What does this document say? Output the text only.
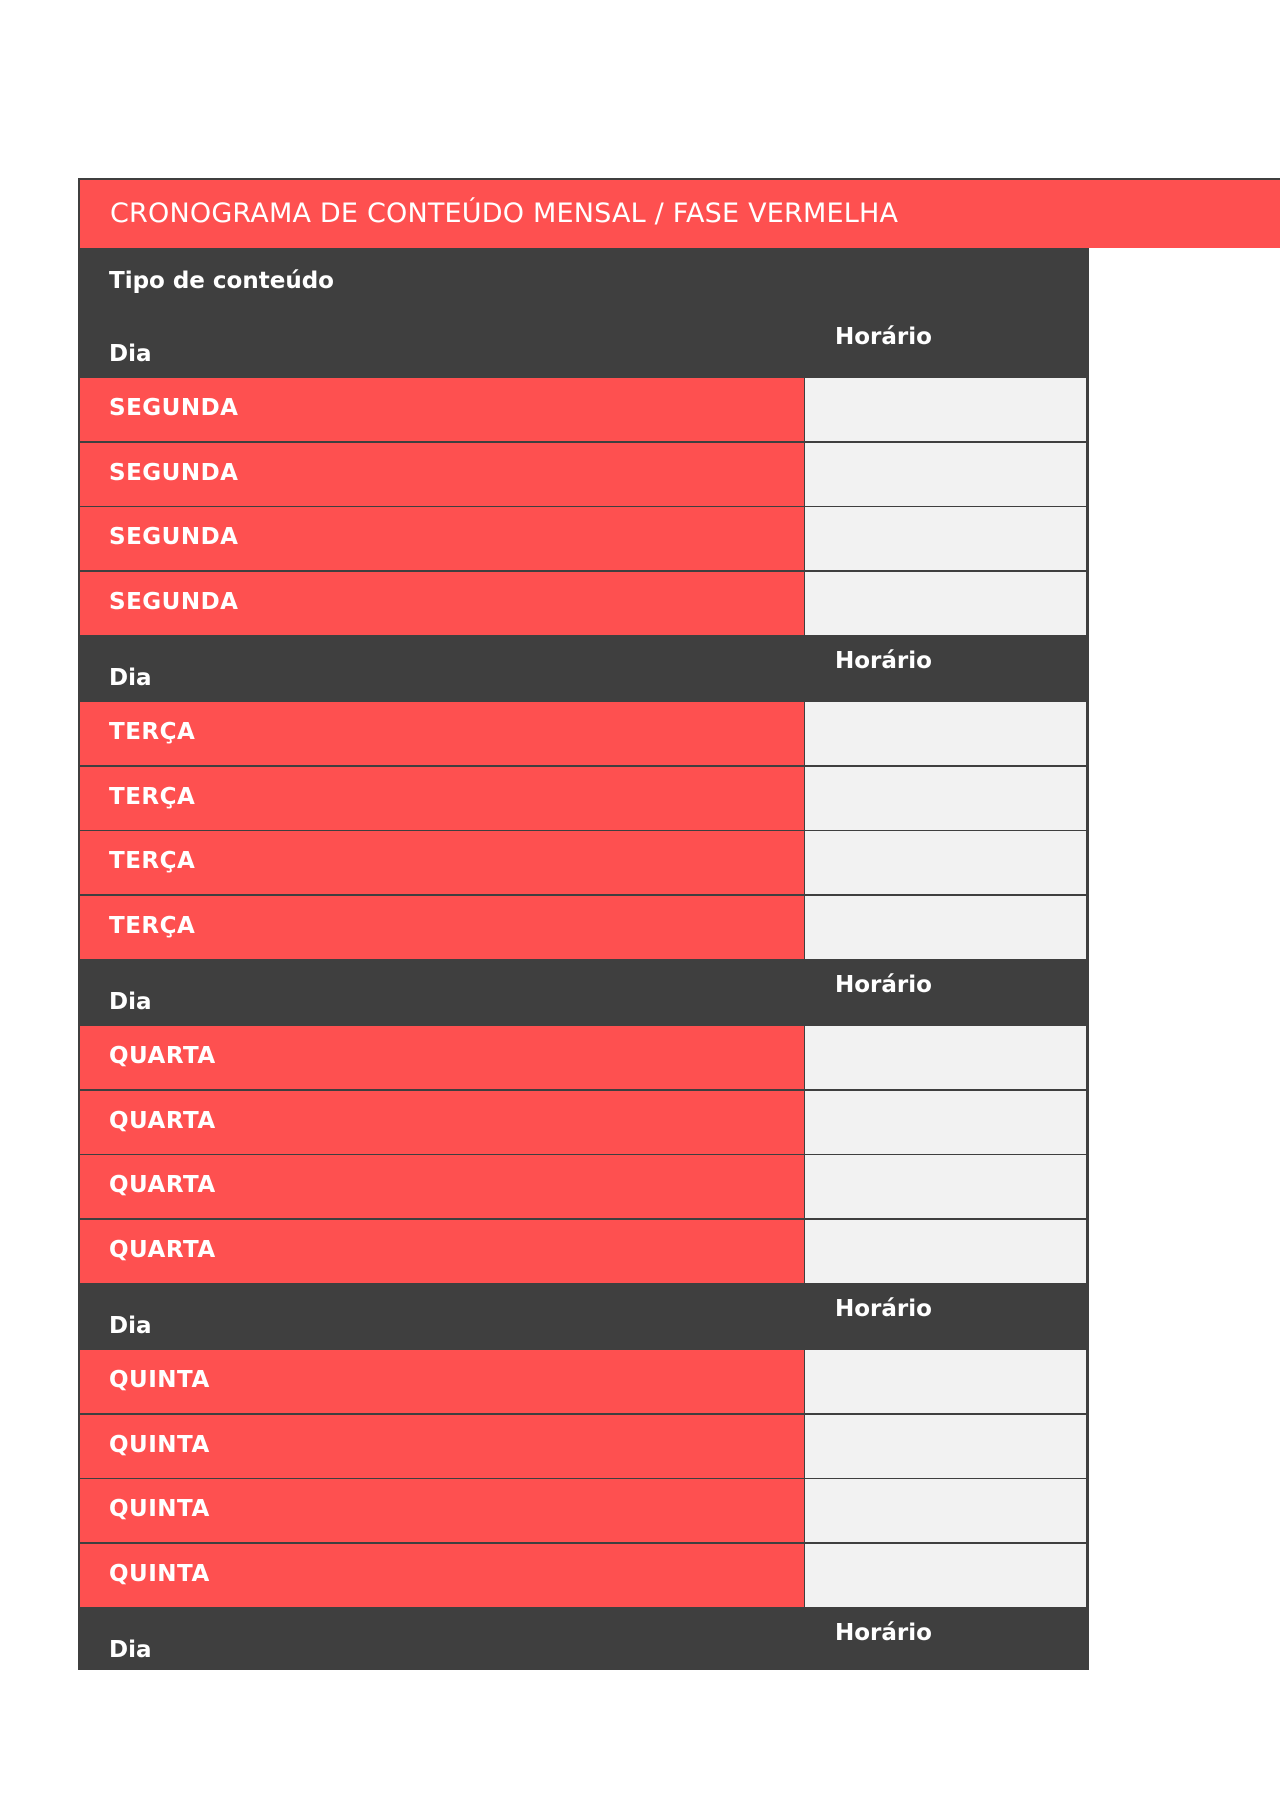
CRONOGRAMA DE CONTEÚDO MENSAL / FASE VERMELHA
Tipo de conteúdo
Dia
Horário
SEGUNDA
SEGUNDA
SEGUNDA
SEGUNDA
Dia
Horário
TERÇA
TERÇA
TERÇA
TERÇA
Dia
Horário
QUARTA
QUARTA
QUARTA
QUARTA
Dia
Horário
QUINTA
QUINTA
QUINTA
QUINTA
Dia
Horário
